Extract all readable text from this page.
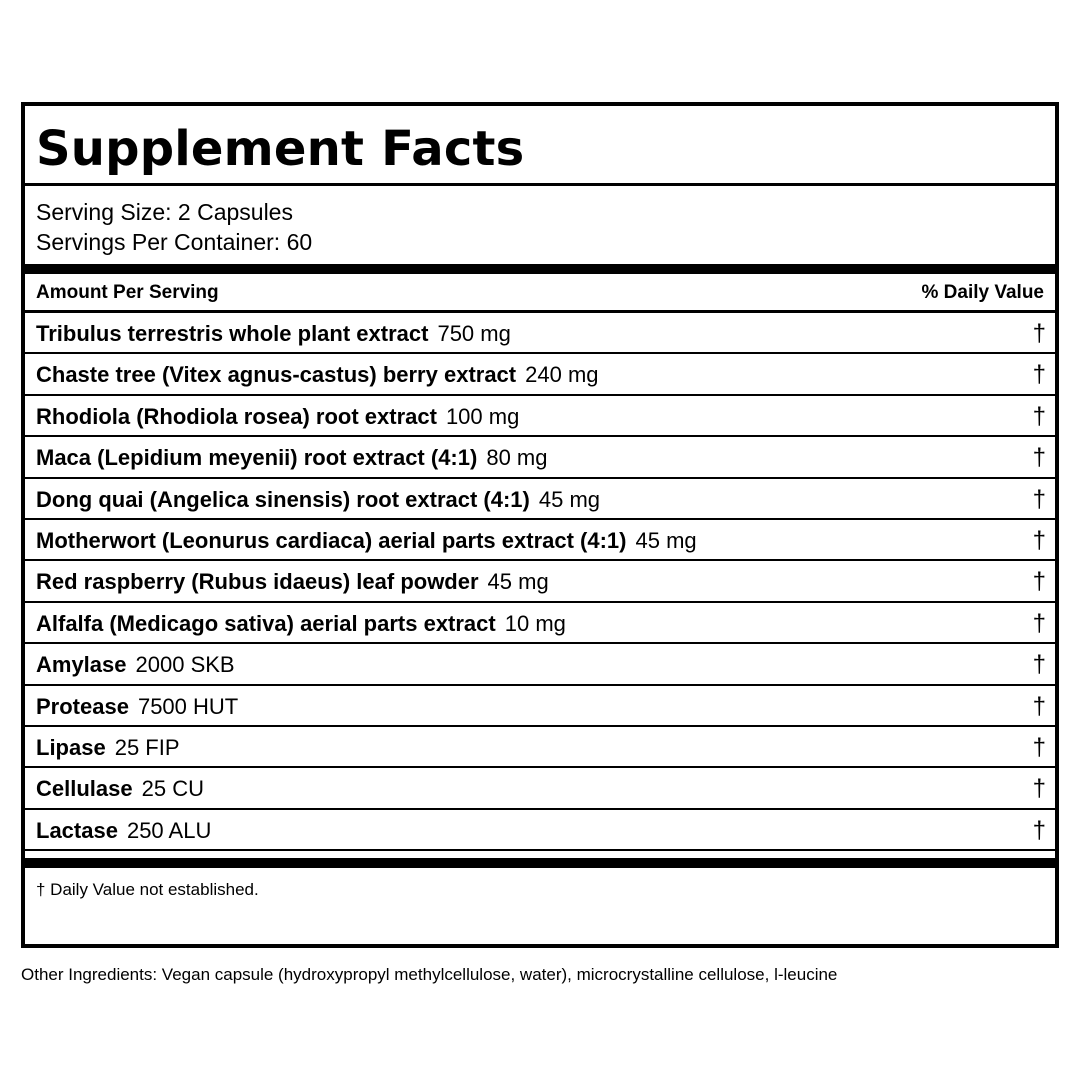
Supplement Facts
Serving Size: 2 Capsules
Servings Per Container: 60
Amount Per Serving	% Daily Value
Tribulus terrestris whole plant extract 750 mg	†
Chaste tree (Vitex agnus-castus) berry extract 240 mg	†
Rhodiola (Rhodiola rosea) root extract 100 mg	†
Maca (Lepidium meyenii) root extract (4:1) 80 mg	†
Dong quai (Angelica sinensis) root extract (4:1) 45 mg	†
Motherwort (Leonurus cardiaca) aerial parts extract (4:1) 45 mg	†
Red raspberry (Rubus idaeus) leaf powder 45 mg	†
Alfalfa (Medicago sativa) aerial parts extract 10 mg	†
Amylase 2000 SKB	†
Protease 7500 HUT	†
Lipase 25 FIP	†
Cellulase 25 CU	†
Lactase 250 ALU	†
† Daily Value not established.
Other Ingredients: Vegan capsule (hydroxypropyl methylcellulose, water), microcrystalline cellulose, l-leucine
